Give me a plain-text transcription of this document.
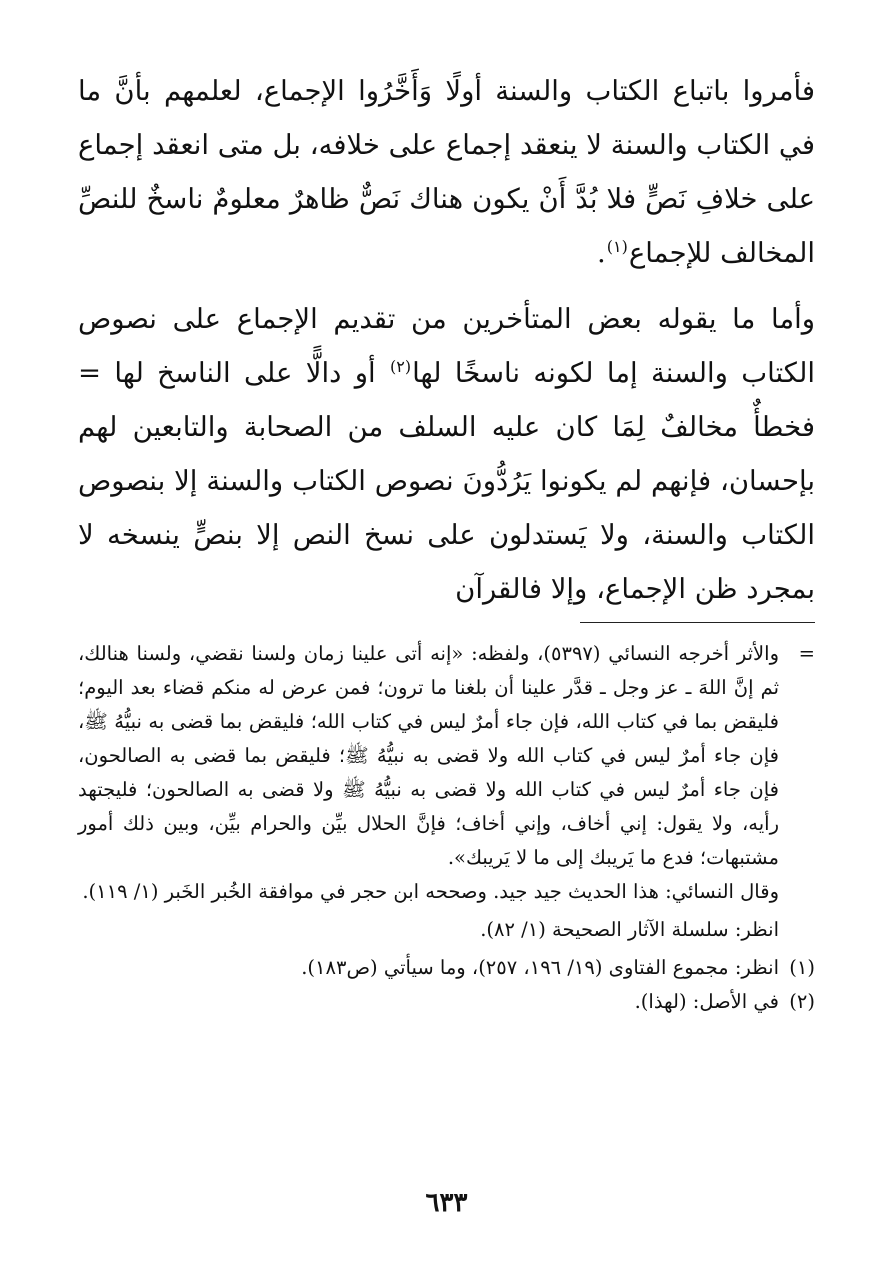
فأمروا باتباع الكتاب والسنة أولًا وَأَخَّرُوا الإجماع، لعلمهم بأنَّ ما في الكتاب والسنة لا ينعقد إجماع على خلافه، بل متى انعقد إجماع على خلافِ نَصٍّ فلا بُدَّ أَنْ يكون هناك نَصٌّ ظاهرٌ معلومٌ ناسخٌ للنصِّ المخالف للإجماع$^{(١)}$.

وأما ما يقوله بعض المتأخرين من تقديم الإجماع على نصوص الكتاب والسنة إما لكونه ناسخًا لها$^{(٢)}$ أو دالًّا على الناسخ لها = فخطأٌ مخالفٌ لِمَا كان عليه السلف من الصحابة والتابعين لهم بإحسان، فإنهم لم يكونوا يَرُدُّونَ نصوص الكتاب والسنة إلا بنصوص الكتاب والسنة، ولا يَستدلون على نسخ النص إلا بنصٍّ ينسخه لا بمجرد ظن الإجماع، وإلا فالقرآن

=
والأثر أخرجه النسائي (٥٣٩٧)، ولفظه: «إنه أتى علينا زمان ولسنا نقضي، ولسنا هنالك، ثم إنَّ اللهَ ـ عز وجل ـ قدَّر علينا أن بلغنا ما ترون؛ فمن عرض له منكم قضاء بعد اليوم؛ فليقض بما في كتاب الله، فإن جاء أمرٌ ليس في كتاب الله؛ فليقض بما قضى به نبيُّهُ ﷺ، فإن جاء أمرٌ ليس في كتاب الله ولا قضى به نبيُّهُ ﷺ؛ فليقض بما قضى به الصالحون، فإن جاء أمرٌ ليس في كتاب الله ولا قضى به نبيُّهُ ﷺ ولا قضى به الصالحون؛ فليجتهد رأيه، ولا يقول: إني أخاف، وإني أخاف؛ فإنَّ الحلال بيِّن والحرام بيِّن، وبين ذلك أمور مشتبهات؛ فدع ما يَريبك إلى ما لا يَريبك».

وقال النسائي: هذا الحديث جيد جيد. وصححه ابن حجر في موافقة الخُبر الخَبر (١/ ١١٩).

انظر: سلسلة الآثار الصحيحة (١/ ٨٢).

(١)
انظر: مجموع الفتاوى (١٩/ ١٩٦، ٢٥٧)، وما سيأتي (ص١٨٣).

(٢)
في الأصل: (لهذا).

٦٣٣
